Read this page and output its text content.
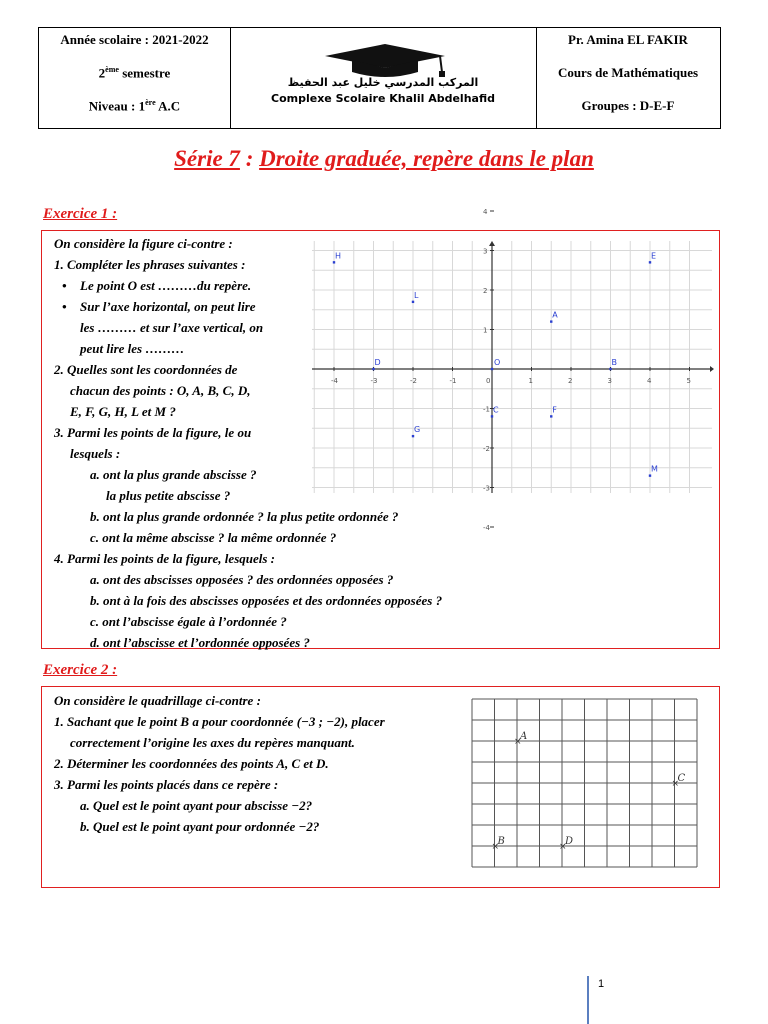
Année scolaire : 2021-2022
2ème semestre
Niveau : 1ère A.C
المركب المدرسي خليل عبد الحفيظ
Complexe Scolaire Khalil Abdelhafid
Pr. Amina EL FAKIR
Cours de Mathématiques
Groupes : D-E-F
Série 7 : Droite graduée, repère dans le plan
Exercice 1 :
On considère la figure ci-contre :
1. Compléter les phrases suivantes :
• Le point O est ………du repère.
• Sur l’axe horizontal, on peut lire
les ……… et sur l’axe vertical, on
peut lire les ………
2. Quelles sont les coordonnées de
chacun des points : O, A, B, C, D,
E, F, G, H, L et M ?
3. Parmi les points de la figure, le ou
lesquels :
a. ont la plus grande abscisse ?
la plus petite abscisse ?
b. ont la plus grande ordonnée ? la plus petite ordonnée ?
c. ont la même abscisse ? la même ordonnée ?
4. Parmi les points de la figure, lesquels :
a. ont des abscisses opposées ? des ordonnées opposées ?
b. ont à la fois des abscisses opposées et des ordonnées opposées ?
c. ont l’abscisse égale à l’ordonnée ?
d. ont l’abscisse et l’ordonnée opposées ?
-4	-3	-2	-1	0	1	2	3	4	5
4
3
2
1
-1
-2
-3
-4
H	E
L
A
D	O	B
C	F
G
M
Exercice 2 :
On considère le quadrillage ci-contre :
1. Sachant que le point B a pour coordonnée (−3 ; −2), placer
correctement l’origine les axes du repères manquant.
2. Déterminer les coordonnées des points A, C et D.
3. Parmi les points placés dans ce repère :
a. Quel est le point ayant pour abscisse −2?
b. Quel est le point ayant pour ordonnée −2?
×
A
×
C
×
B	×
D
1
